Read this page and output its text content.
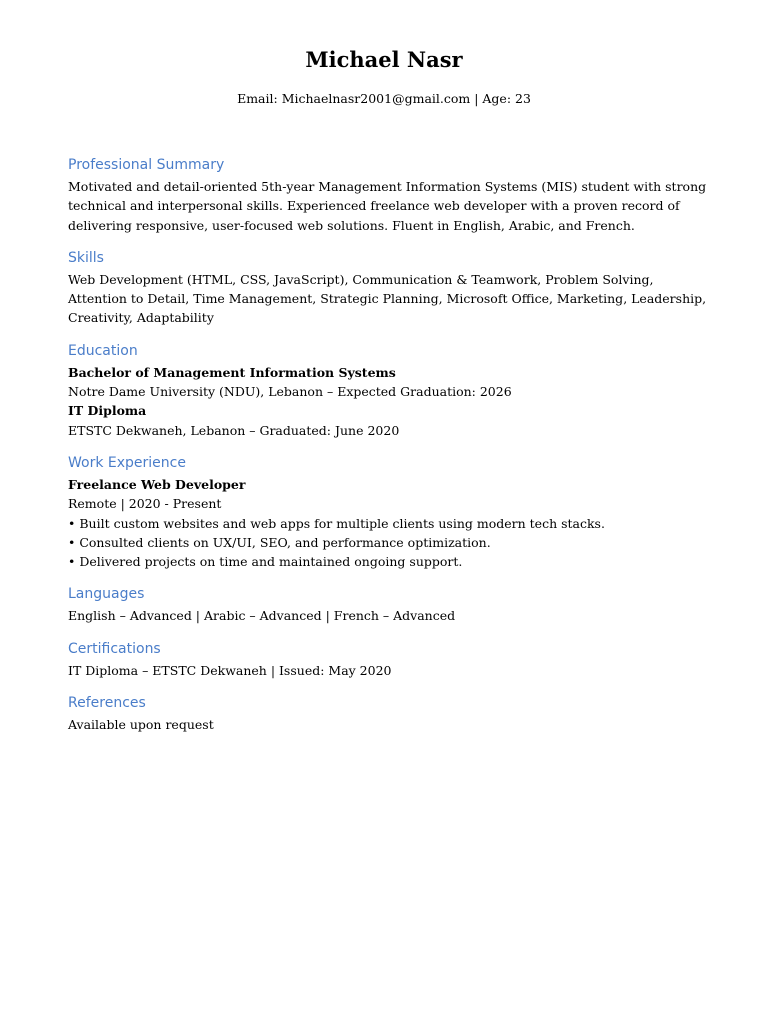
Michael Nasr
Email: Michaelnasr2001@gmail.com | Age: 23
Professional Summary

Motivated and detail-oriented 5th-year Management Information Systems (MIS) student with strong technical and interpersonal skills. Experienced freelance web developer with a proven record of delivering responsive, user-focused web solutions. Fluent in English, Arabic, and French.

Skills

Web Development (HTML, CSS, JavaScript), Communication & Teamwork, Problem Solving, Attention to Detail, Time Management, Strategic Planning, Microsoft Office, Marketing, Leadership, Creativity, Adaptability

Education

Bachelor of Management Information Systems

Notre Dame University (NDU), Lebanon – Expected Graduation: 2026

IT Diploma

ETSTC Dekwaneh, Lebanon – Graduated: June 2020

Work Experience

Freelance Web Developer

Remote | 2020 - Present

• Built custom websites and web apps for multiple clients using modern tech stacks.

• Consulted clients on UX/UI, SEO, and performance optimization.

• Delivered projects on time and maintained ongoing support.

Languages

English – Advanced | Arabic – Advanced | French – Advanced

Certifications

IT Diploma – ETSTC Dekwaneh | Issued: May 2020

References

Available upon request
